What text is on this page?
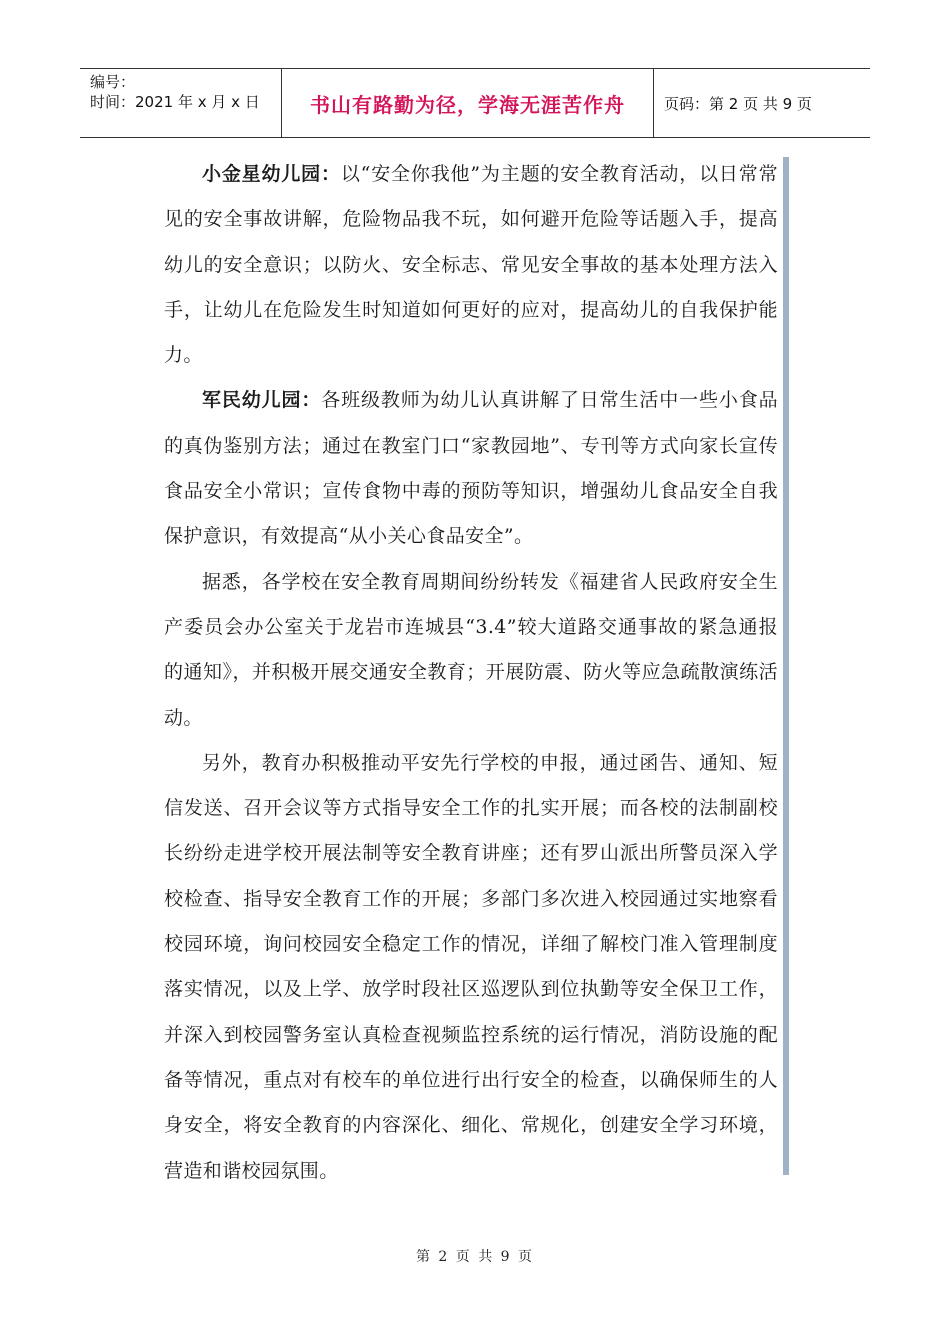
编号：
时间：2021 年 x 月 x 日	书山有路勤为径，学海无涯苦作舟	页码：第 2 页 共 9 页

小金星幼儿园：以“安全你我他”为主题的安全教育活动，以日常常见的安全事故讲解，危险物品我不玩，如何避开危险等话题入手，提高幼儿的安全意识；以防火、安全标志、常见安全事故的基本处理方法入手，让幼儿在危险发生时知道如何更好的应对，提高幼儿的自我保护能力。

军民幼儿园：各班级教师为幼儿认真讲解了日常生活中一些小食品的真伪鉴别方法；通过在教室门口“家教园地”、专刊等方式向家长宣传食品安全小常识；宣传食物中毒的预防等知识，增强幼儿食品安全自我保护意识，有效提高“从小关心食品安全”。

据悉，各学校在安全教育周期间纷纷转发《福建省人民政府安全生产委员会办公室关于龙岩市连城县“3.4”较大道路交通事故的紧急通报的通知》，并积极开展交通安全教育；开展防震、防火等应急疏散演练活动。

另外，教育办积极推动平安先行学校的申报，通过函告、通知、短信发送、召开会议等方式指导安全工作的扎实开展；而各校的法制副校长纷纷走进学校开展法制等安全教育讲座；还有罗山派出所警员深入学校检查、指导安全教育工作的开展；多部门多次进入校园通过实地察看校园环境，询问校园安全稳定工作的情况，详细了解校门准入管理制度落实情况，以及上学、放学时段社区巡逻队到位执勤等安全保卫工作，并深入到校园警务室认真检查视频监控系统的运行情况，消防设施的配备等情况，重点对有校车的单位进行出行安全的检查，以确保师生的人身安全，将安全教育的内容深化、细化、常规化，创建安全学习环境，营造和谐校园氛围。

第 2 页 共 9 页
